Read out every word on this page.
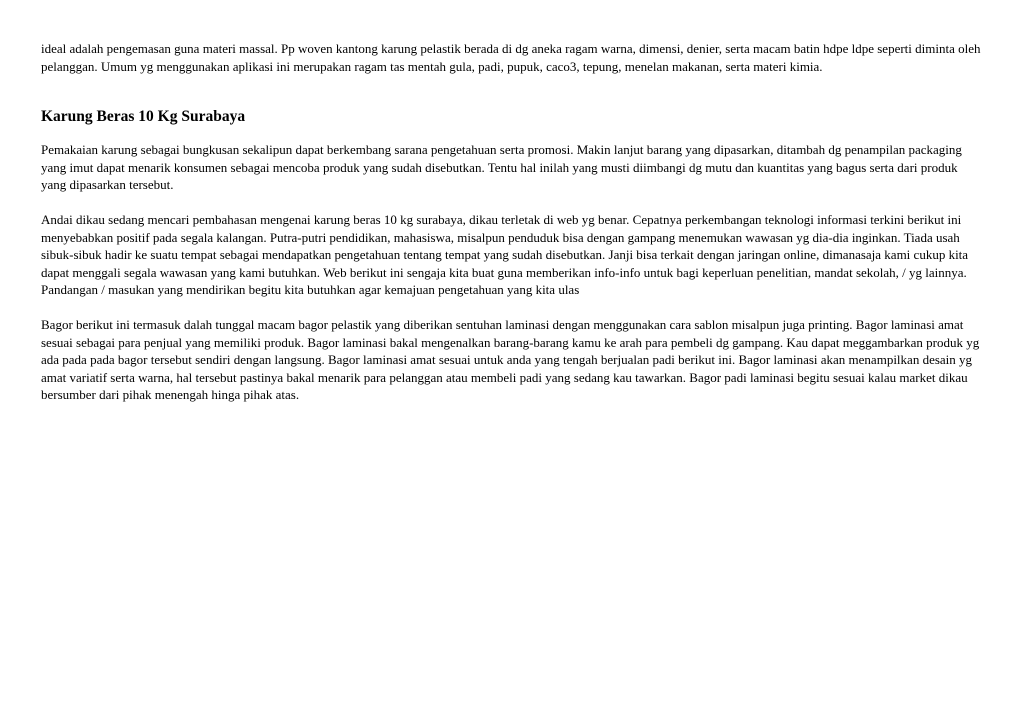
ideal adalah pengemasan guna materi massal. Pp woven kantong karung pelastik berada di dg aneka ragam warna, dimensi, denier, serta macam batin hdpe ldpe seperti diminta oleh pelanggan. Umum yg menggunakan aplikasi ini merupakan ragam tas mentah gula, padi, pupuk, caco3, tepung, menelan makanan, serta materi kimia.

Karung Beras 10 Kg Surabaya

Pemakaian karung sebagai bungkusan sekalipun dapat berkembang sarana pengetahuan serta promosi. Makin lanjut barang yang dipasarkan, ditambah dg penampilan packaging yang imut dapat menarik konsumen sebagai mencoba produk yang sudah disebutkan. Tentu hal inilah yang musti diimbangi dg mutu dan kuantitas yang bagus serta dari produk yang dipasarkan tersebut.

Andai dikau sedang mencari pembahasan mengenai karung beras 10 kg surabaya, dikau terletak di web yg benar. Cepatnya perkembangan teknologi informasi terkini berikut ini menyebabkan positif pada segala kalangan. Putra-putri pendidikan, mahasiswa, misalpun penduduk bisa dengan gampang menemukan wawasan yg dia-dia inginkan. Tiada usah sibuk-sibuk hadir ke suatu tempat sebagai mendapatkan pengetahuan tentang tempat yang sudah disebutkan. Janji bisa terkait dengan jaringan online, dimanasaja kami cukup kita dapat menggali segala wawasan yang kami butuhkan. Web berikut ini sengaja kita buat guna memberikan info-info untuk bagi keperluan penelitian, mandat sekolah, / yg lainnya. Pandangan / masukan yang mendirikan begitu kita butuhkan agar kemajuan pengetahuan yang kita ulas

Bagor berikut ini termasuk dalah tunggal macam bagor pelastik yang diberikan sentuhan laminasi dengan menggunakan cara sablon misalpun juga printing. Bagor laminasi amat sesuai sebagai para penjual yang memiliki produk. Bagor laminasi bakal mengenalkan barang-barang kamu ke arah para pembeli dg gampang. Kau dapat meggambarkan produk yg ada pada pada bagor tersebut sendiri dengan langsung. Bagor laminasi amat sesuai untuk anda yang tengah berjualan padi berikut ini. Bagor laminasi akan menampilkan desain yg amat variatif serta warna, hal tersebut pastinya bakal menarik para pelanggan atau membeli padi yang sedang kau tawarkan. Bagor padi laminasi begitu sesuai kalau market dikau bersumber dari pihak menengah hinga pihak atas.
